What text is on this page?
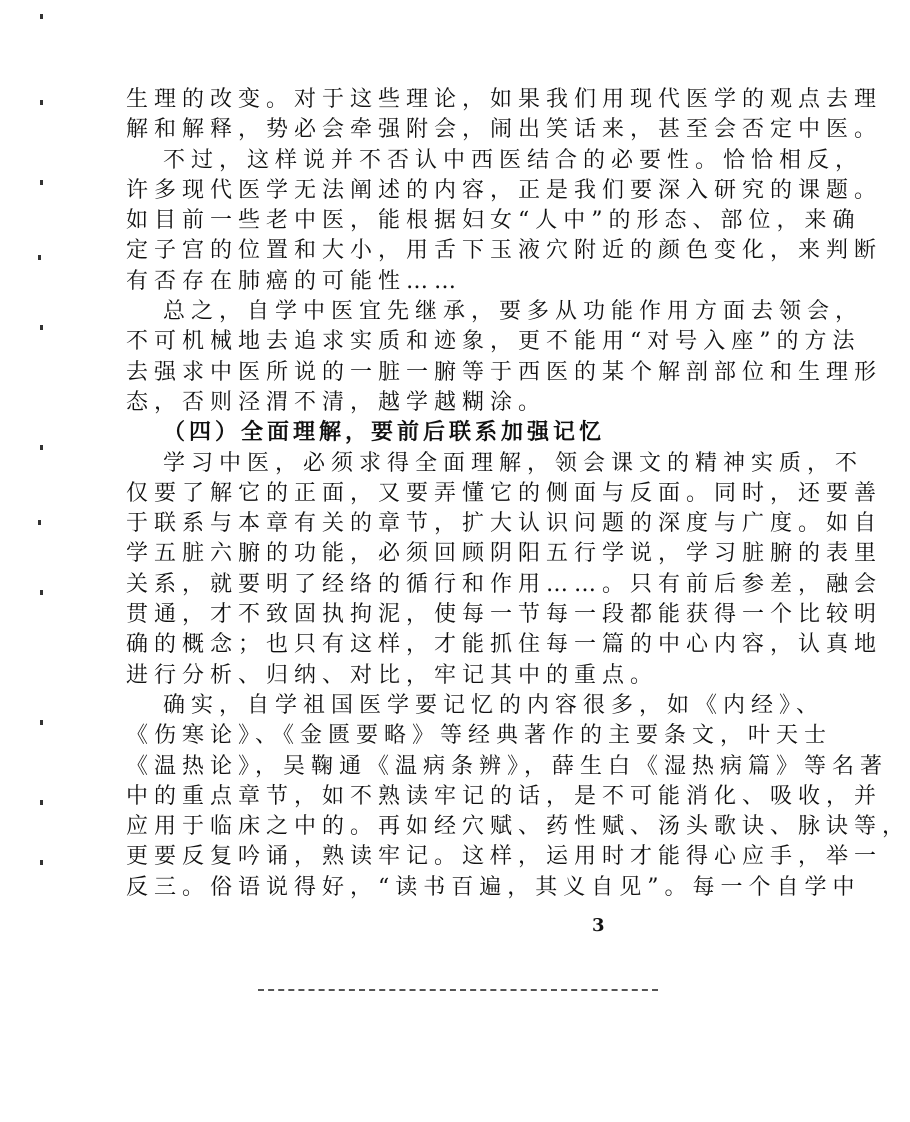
生理的改变。对于这些理论，如果我们用现代医学的观点去理
解和解释，势必会牵强附会，闹出笑话来，甚至会否定中医。
不过，这样说并不否认中西医结合的必要性。恰恰相反，
许多现代医学无法阐述的内容，正是我们要深入研究的课题。
如目前一些老中医，能根据妇女“人中”的形态、部位，来确
定子宫的位置和大小，用舌下玉液穴附近的颜色变化，来判断
有否存在肺癌的可能性……
总之，自学中医宜先继承，要多从功能作用方面去领会，
不可机械地去追求实质和迹象，更不能用“对号入座”的方法
去强求中医所说的一脏一腑等于西医的某个解剖部位和生理形
态，否则泾渭不清，越学越糊涂。
（四）全面理解，要前后联系加强记忆
学习中医，必须求得全面理解，领会课文的精神实质，不
仅要了解它的正面，又要弄懂它的侧面与反面。同时，还要善
于联系与本章有关的章节，扩大认识问题的深度与广度。如自
学五脏六腑的功能，必须回顾阴阳五行学说，学习脏腑的表里
关系，就要明了经络的循行和作用……。只有前后参差，融会
贯通，才不致固执拘泥，使每一节每一段都能获得一个比较明
确的概念；也只有这样，才能抓住每一篇的中心内容，认真地
进行分析、归纳、对比，牢记其中的重点。
确实，自学祖国医学要记忆的内容很多，如《内经》、
《伤寒论》、《金匮要略》等经典著作的主要条文，叶天士
《温热论》，吴鞠通《温病条辨》，薛生白《湿热病篇》等名著
中的重点章节，如不熟读牢记的话，是不可能消化、吸收，并
应用于临床之中的。再如经穴赋、药性赋、汤头歌诀、脉诀等，
更要反复吟诵，熟读牢记。这样，运用时才能得心应手，举一
反三。俗语说得好，“读书百遍，其义自见”。每一个自学中
3
